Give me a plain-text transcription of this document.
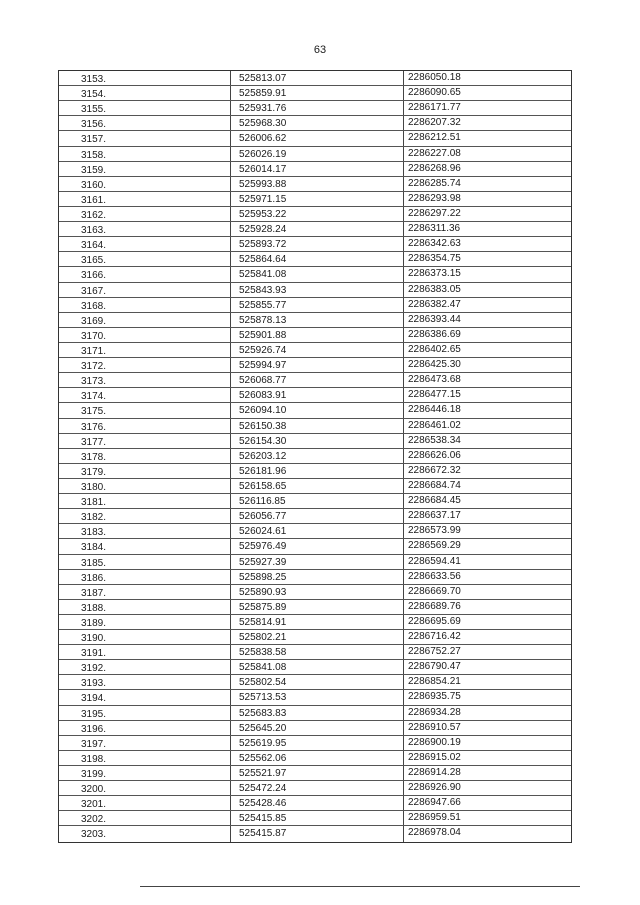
63
3153.	525813.07	2286050.18
3154.	525859.91	2286090.65
3155.	525931.76	2286171.77
3156.	525968.30	2286207.32
3157.	526006.62	2286212.51
3158.	526026.19	2286227.08
3159.	526014.17	2286268.96
3160.	525993.88	2286285.74
3161.	525971.15	2286293.98
3162.	525953.22	2286297.22
3163.	525928.24	2286311.36
3164.	525893.72	2286342.63
3165.	525864.64	2286354.75
3166.	525841.08	2286373.15
3167.	525843.93	2286383.05
3168.	525855.77	2286382.47
3169.	525878.13	2286393.44
3170.	525901.88	2286386.69
3171.	525926.74	2286402.65
3172.	525994.97	2286425.30
3173.	526068.77	2286473.68
3174.	526083.91	2286477.15
3175.	526094.10	2286446.18
3176.	526150.38	2286461.02
3177.	526154.30	2286538.34
3178.	526203.12	2286626.06
3179.	526181.96	2286672.32
3180.	526158.65	2286684.74
3181.	526116.85	2286684.45
3182.	526056.77	2286637.17
3183.	526024.61	2286573.99
3184.	525976.49	2286569.29
3185.	525927.39	2286594.41
3186.	525898.25	2286633.56
3187.	525890.93	2286669.70
3188.	525875.89	2286689.76
3189.	525814.91	2286695.69
3190.	525802.21	2286716.42
3191.	525838.58	2286752.27
3192.	525841.08	2286790.47
3193.	525802.54	2286854.21
3194.	525713.53	2286935.75
3195.	525683.83	2286934.28
3196.	525645.20	2286910.57
3197.	525619.95	2286900.19
3198.	525562.06	2286915.02
3199.	525521.97	2286914.28
3200.	525472.24	2286926.90
3201.	525428.46	2286947.66
3202.	525415.85	2286959.51
3203.	525415.87	2286978.04
